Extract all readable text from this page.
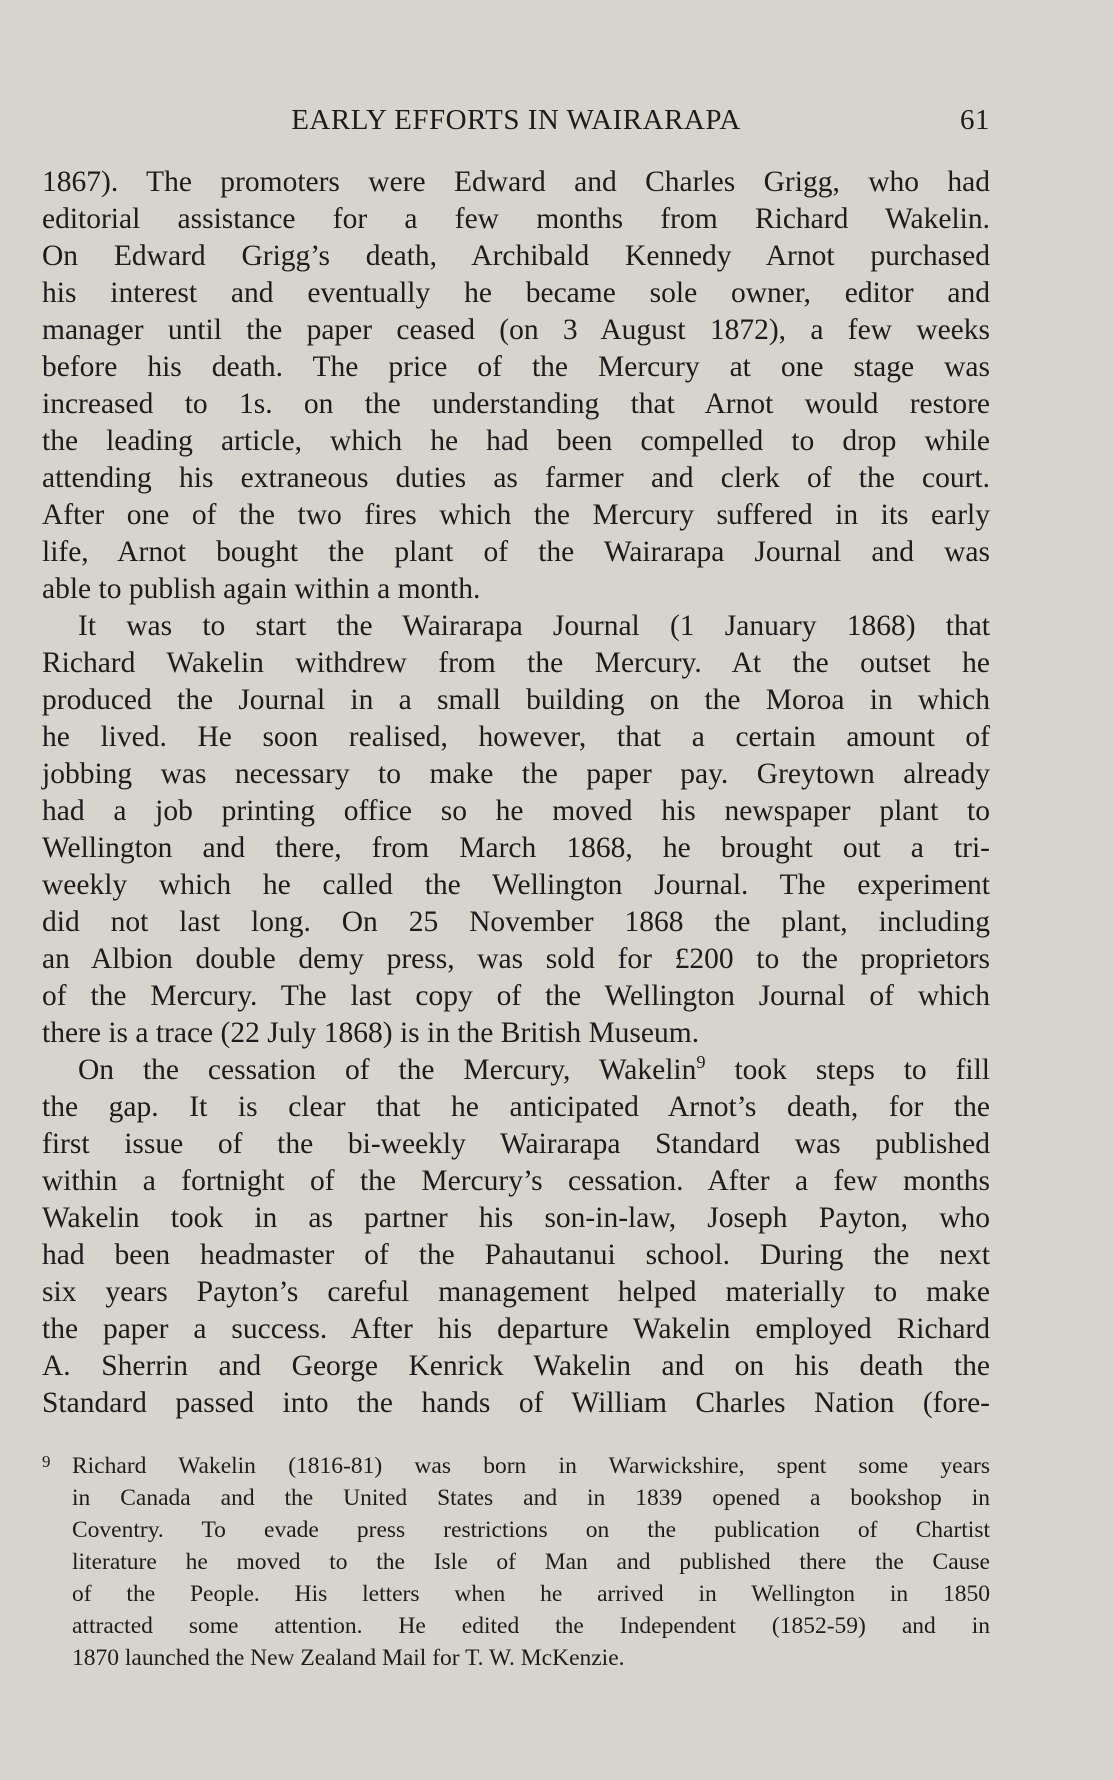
EARLY EFFORTS IN WAIRARAPA	61
1867). The promoters were Edward and Charles Grigg, who had
editorial assistance for a few months from Richard Wakelin.
On Edward Grigg’s death, Archibald Kennedy Arnot purchased
his interest and eventually he became sole owner, editor and
manager until the paper ceased (on 3 August 1872), a few weeks
before his death. The price of the Mercury at one stage was
increased to 1s. on the understanding that Arnot would restore
the leading article, which he had been compelled to drop while
attending his extraneous duties as farmer and clerk of the court.
After one of the two fires which the Mercury suffered in its early
life, Arnot bought the plant of the Wairarapa Journal and was
able to publish again within a month.
It was to start the Wairarapa Journal (1 January 1868) that
Richard Wakelin withdrew from the Mercury. At the outset he
produced the Journal in a small building on the Moroa in which
he lived. He soon realised, however, that a certain amount of
jobbing was necessary to make the paper pay. Greytown already
had a job printing office so he moved his newspaper plant to
Wellington and there, from March 1868, he brought out a tri-
weekly which he called the Wellington Journal. The experiment
did not last long. On 25 November 1868 the plant, including
an Albion double demy press, was sold for £200 to the proprietors
of the Mercury. The last copy of the Wellington Journal of which
there is a trace (22 July 1868) is in the British Museum.
On the cessation of the Mercury, Wakelin$^9$ took steps to fill
the gap. It is clear that he anticipated Arnot’s death, for the
first issue of the bi-weekly Wairarapa Standard was published
within a fortnight of the Mercury’s cessation. After a few months
Wakelin took in as partner his son-in-law, Joseph Payton, who
had been headmaster of the Pahautanui school. During the next
six years Payton’s careful management helped materially to make
the paper a success. After his departure Wakelin employed Richard
A. Sherrin and George Kenrick Wakelin and on his death the
Standard passed into the hands of William Charles Nation (fore-
9 Richard Wakelin (1816-81) was born in Warwickshire, spent some years
in Canada and the United States and in 1839 opened a bookshop in
Coventry. To evade press restrictions on the publication of Chartist
literature he moved to the Isle of Man and published there the Cause
of the People. His letters when he arrived in Wellington in 1850
attracted some attention. He edited the Independent (1852-59) and in
1870 launched the New Zealand Mail for T. W. McKenzie.
